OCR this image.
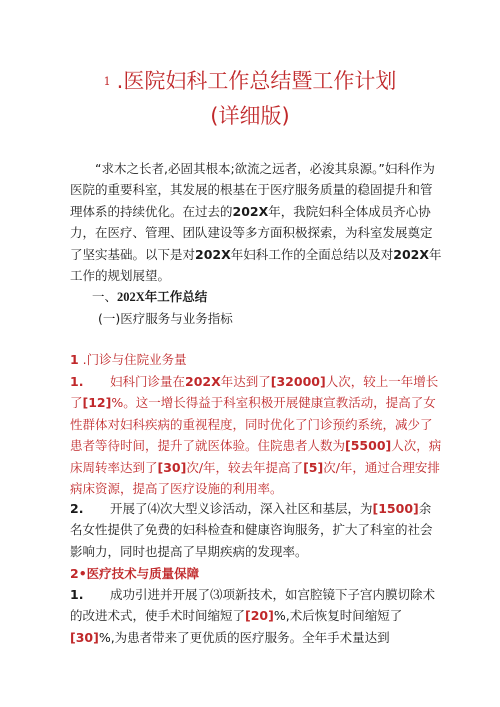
1 .医院妇科工作总结暨工作计划
(详细版)

“求木之长者,必固其根本;欲流之远者，必浚其泉源。”妇科作为医院的重要科室，其发展的根基在于医疗服务质量的稳固提升和管理体系的持续优化。在过去的202X年，我院妇科全体成员齐心协力，在医疗、管理、团队建设等多方面积极探索，为科室发展奠定了坚实基础。以下是对202X年妇科工作的全面总结以及对202X年工作的规划展望。

一、202X年工作总结

(一)医疗服务与业务指标

1 .门诊与住院业务量

1. 妇科门诊量在202X年达到了[32000]人次，较上一年增长了[12]%。这一增长得益于科室积极开展健康宣教活动，提高了女性群体对妇科疾病的重视程度，同时优化了门诊预约系统，减少了患者等待时间，提升了就医体验。住院患者人数为[5500]人次，病床周转率达到了[30]次/年，较去年提高了[5]次/年，通过合理安排病床资源，提高了医疗设施的利用率。

2. 开展了⑷次大型义诊活动，深入社区和基层，为[1500]余名女性提供了免费的妇科检查和健康咨询服务，扩大了科室的社会影响力，同时也提高了早期疾病的发现率。

2•医疗技术与质量保障

1. 成功引进并开展了⑶项新技术，如宫腔镜下子宫内膜切除术的改进术式，使手术时间缩短了[20]%,术后恢复时间缩短了[30]%,为患者带来了更优质的医疗服务。全年手术量达到
